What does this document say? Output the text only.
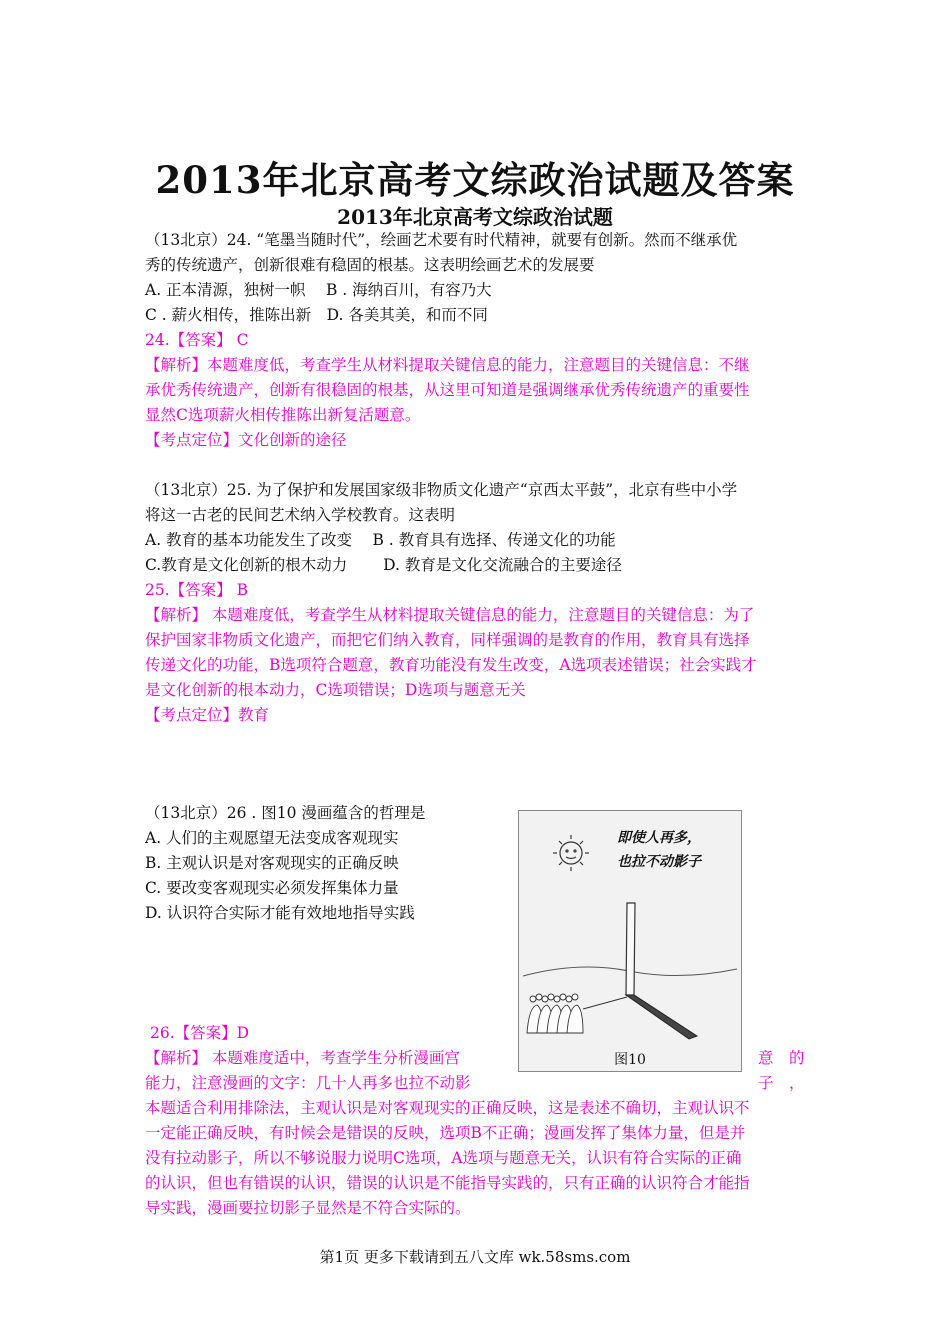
2013年北京高考文综政治试题及答案
2013年北京高考文综政治试题
（13北京）24. “笔墨当随时代”，绘画艺术要有时代精神，就要有创新。然而不继承优
秀的传统遗产，创新很难有稳固的根基。这表明绘画艺术的发展要
A. 正本清源，独树一帜　 B . 海纳百川，有容乃大
C . 薪火相传，推陈出新　D. 各美其美，和而不同
24.【答案】 C
【解析】本题难度低，考查学生从材料提取关键信息的能力，注意题目的关键信息：不继
承优秀传统遗产，创新有很稳固的根基，从这里可知道是强调继承优秀传统遗产的重要性
显然C选项薪火相传推陈出新复活题意。
【考点定位】文化创新的途径
（13北京）25. 为了保护和发展国家级非物质文化遗产“京西太平鼓”，北京有些中小学
将这一古老的民间艺术纳入学校教育。这表明
A. 教育的基本功能发生了改变　 B . 教育具有选择、传递文化的功能
C.教育是文化创新的根木动力　　 D. 教育是文化交流融合的主要途径
25.【答案】 B
【解析】 本题难度低，考查学生从材料提取关键信息的能力，注意题目的关键信息：为了
保护国家非物质文化遗产，而把它们纳入教育，同样强调的是教育的作用，教育具有选择
传递文化的功能，B选项符合题意，教育功能没有发生改变，A选项表述错误；社会实践才
是文化创新的根本动力，C选项错误；D选项与题意无关
【考点定位】教育
（13北京）26 . 图10 漫画蕴含的哲理是
A. 人们的主观愿望无法变成客观现实
B. 主观认识是对客观现实的正确反映
C. 要改变客观现实必须发挥集体力量
D. 认识符合实际才能有效地地指导实践
即使人再多，
也拉不动影子
图10
26.【答案】D
【解析】 本题难度适中，考查学生分析漫画宫	意　的
能力，注意漫画的文字：几十人再多也拉不动影	子　，
本题适合利用排除法，主观认识是对客观现实的正确反映，这是表述不确切，主观认识不
一定能正确反映，有时候会是错误的反映，选项B不正确；漫画发挥了集体力量，但是并
没有拉动影子，所以不够说服力说明C选项，A选项与题意无关，认识有符合实际的正确
的认识，但也有错误的认识，错误的认识是不能指导实践的，只有正确的认识符合才能指
导实践，漫画要拉切影子显然是不符合实际的。
第1页 更多下载请到五八文库 wk.58sms.com
